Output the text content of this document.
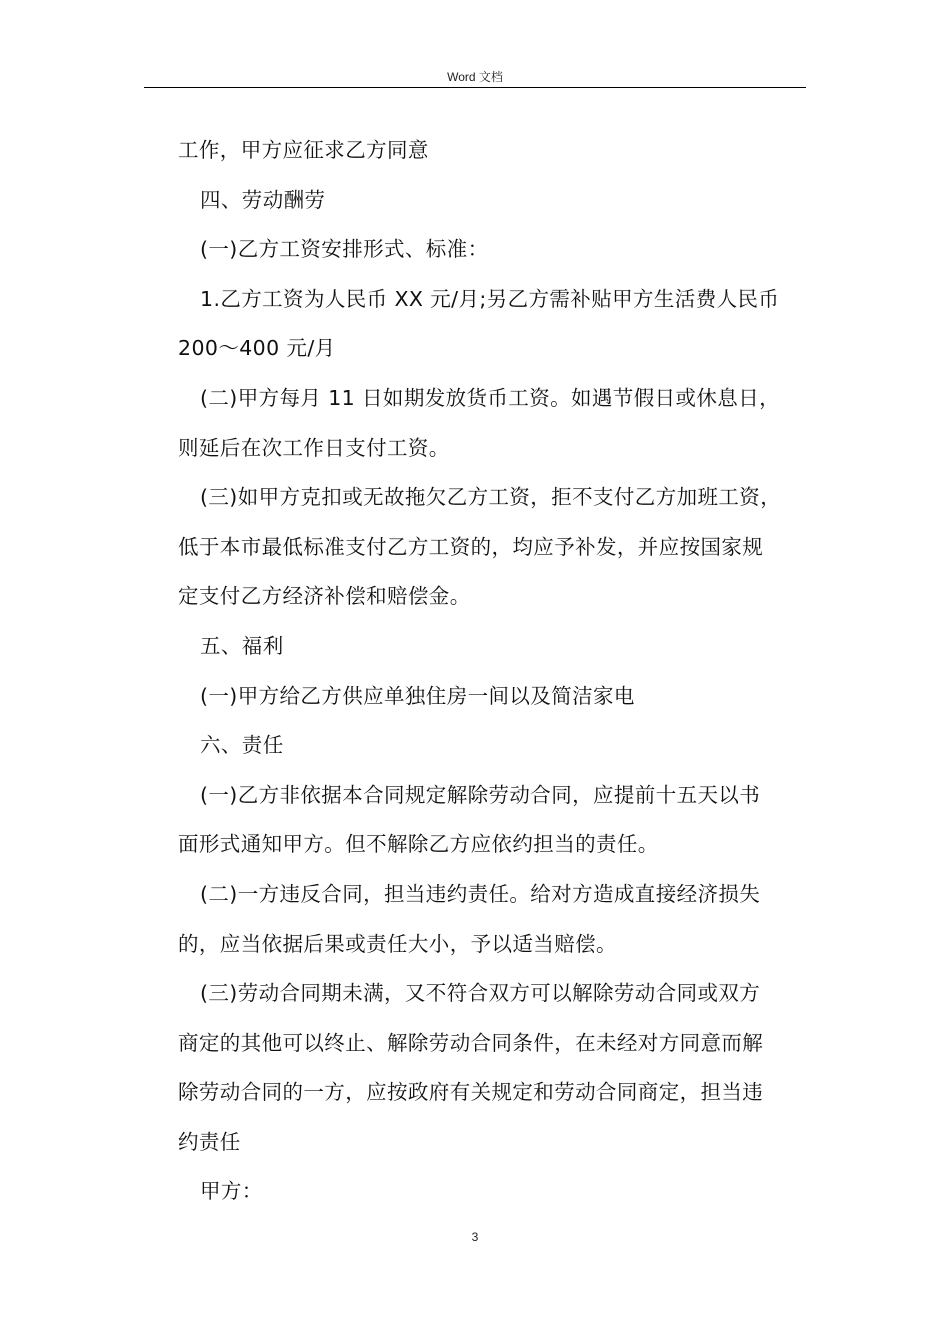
Word 文档
工作，甲方应征求乙方同意
四、劳动酬劳
(一)乙方工资安排形式、标准：
1.乙方工资为人民币 XX 元/月;另乙方需补贴甲方生活费人民币
200～400 元/月
(二)甲方每月 11 日如期发放货币工资。如遇节假日或休息日，
则延后在次工作日支付工资。
(三)如甲方克扣或无故拖欠乙方工资，拒不支付乙方加班工资，
低于本市最低标准支付乙方工资的，均应予补发，并应按国家规
定支付乙方经济补偿和赔偿金。
五、福利
(一)甲方给乙方供应单独住房一间以及简洁家电
六、责任
(一)乙方非依据本合同规定解除劳动合同，应提前十五天以书
面形式通知甲方。但不解除乙方应依约担当的责任。
(二)一方违反合同，担当违约责任。给对方造成直接经济损失
的，应当依据后果或责任大小，予以适当赔偿。
(三)劳动合同期未满，又不符合双方可以解除劳动合同或双方
商定的其他可以终止、解除劳动合同条件，在未经对方同意而解
除劳动合同的一方，应按政府有关规定和劳动合同商定，担当违
约责任
甲方：
3
